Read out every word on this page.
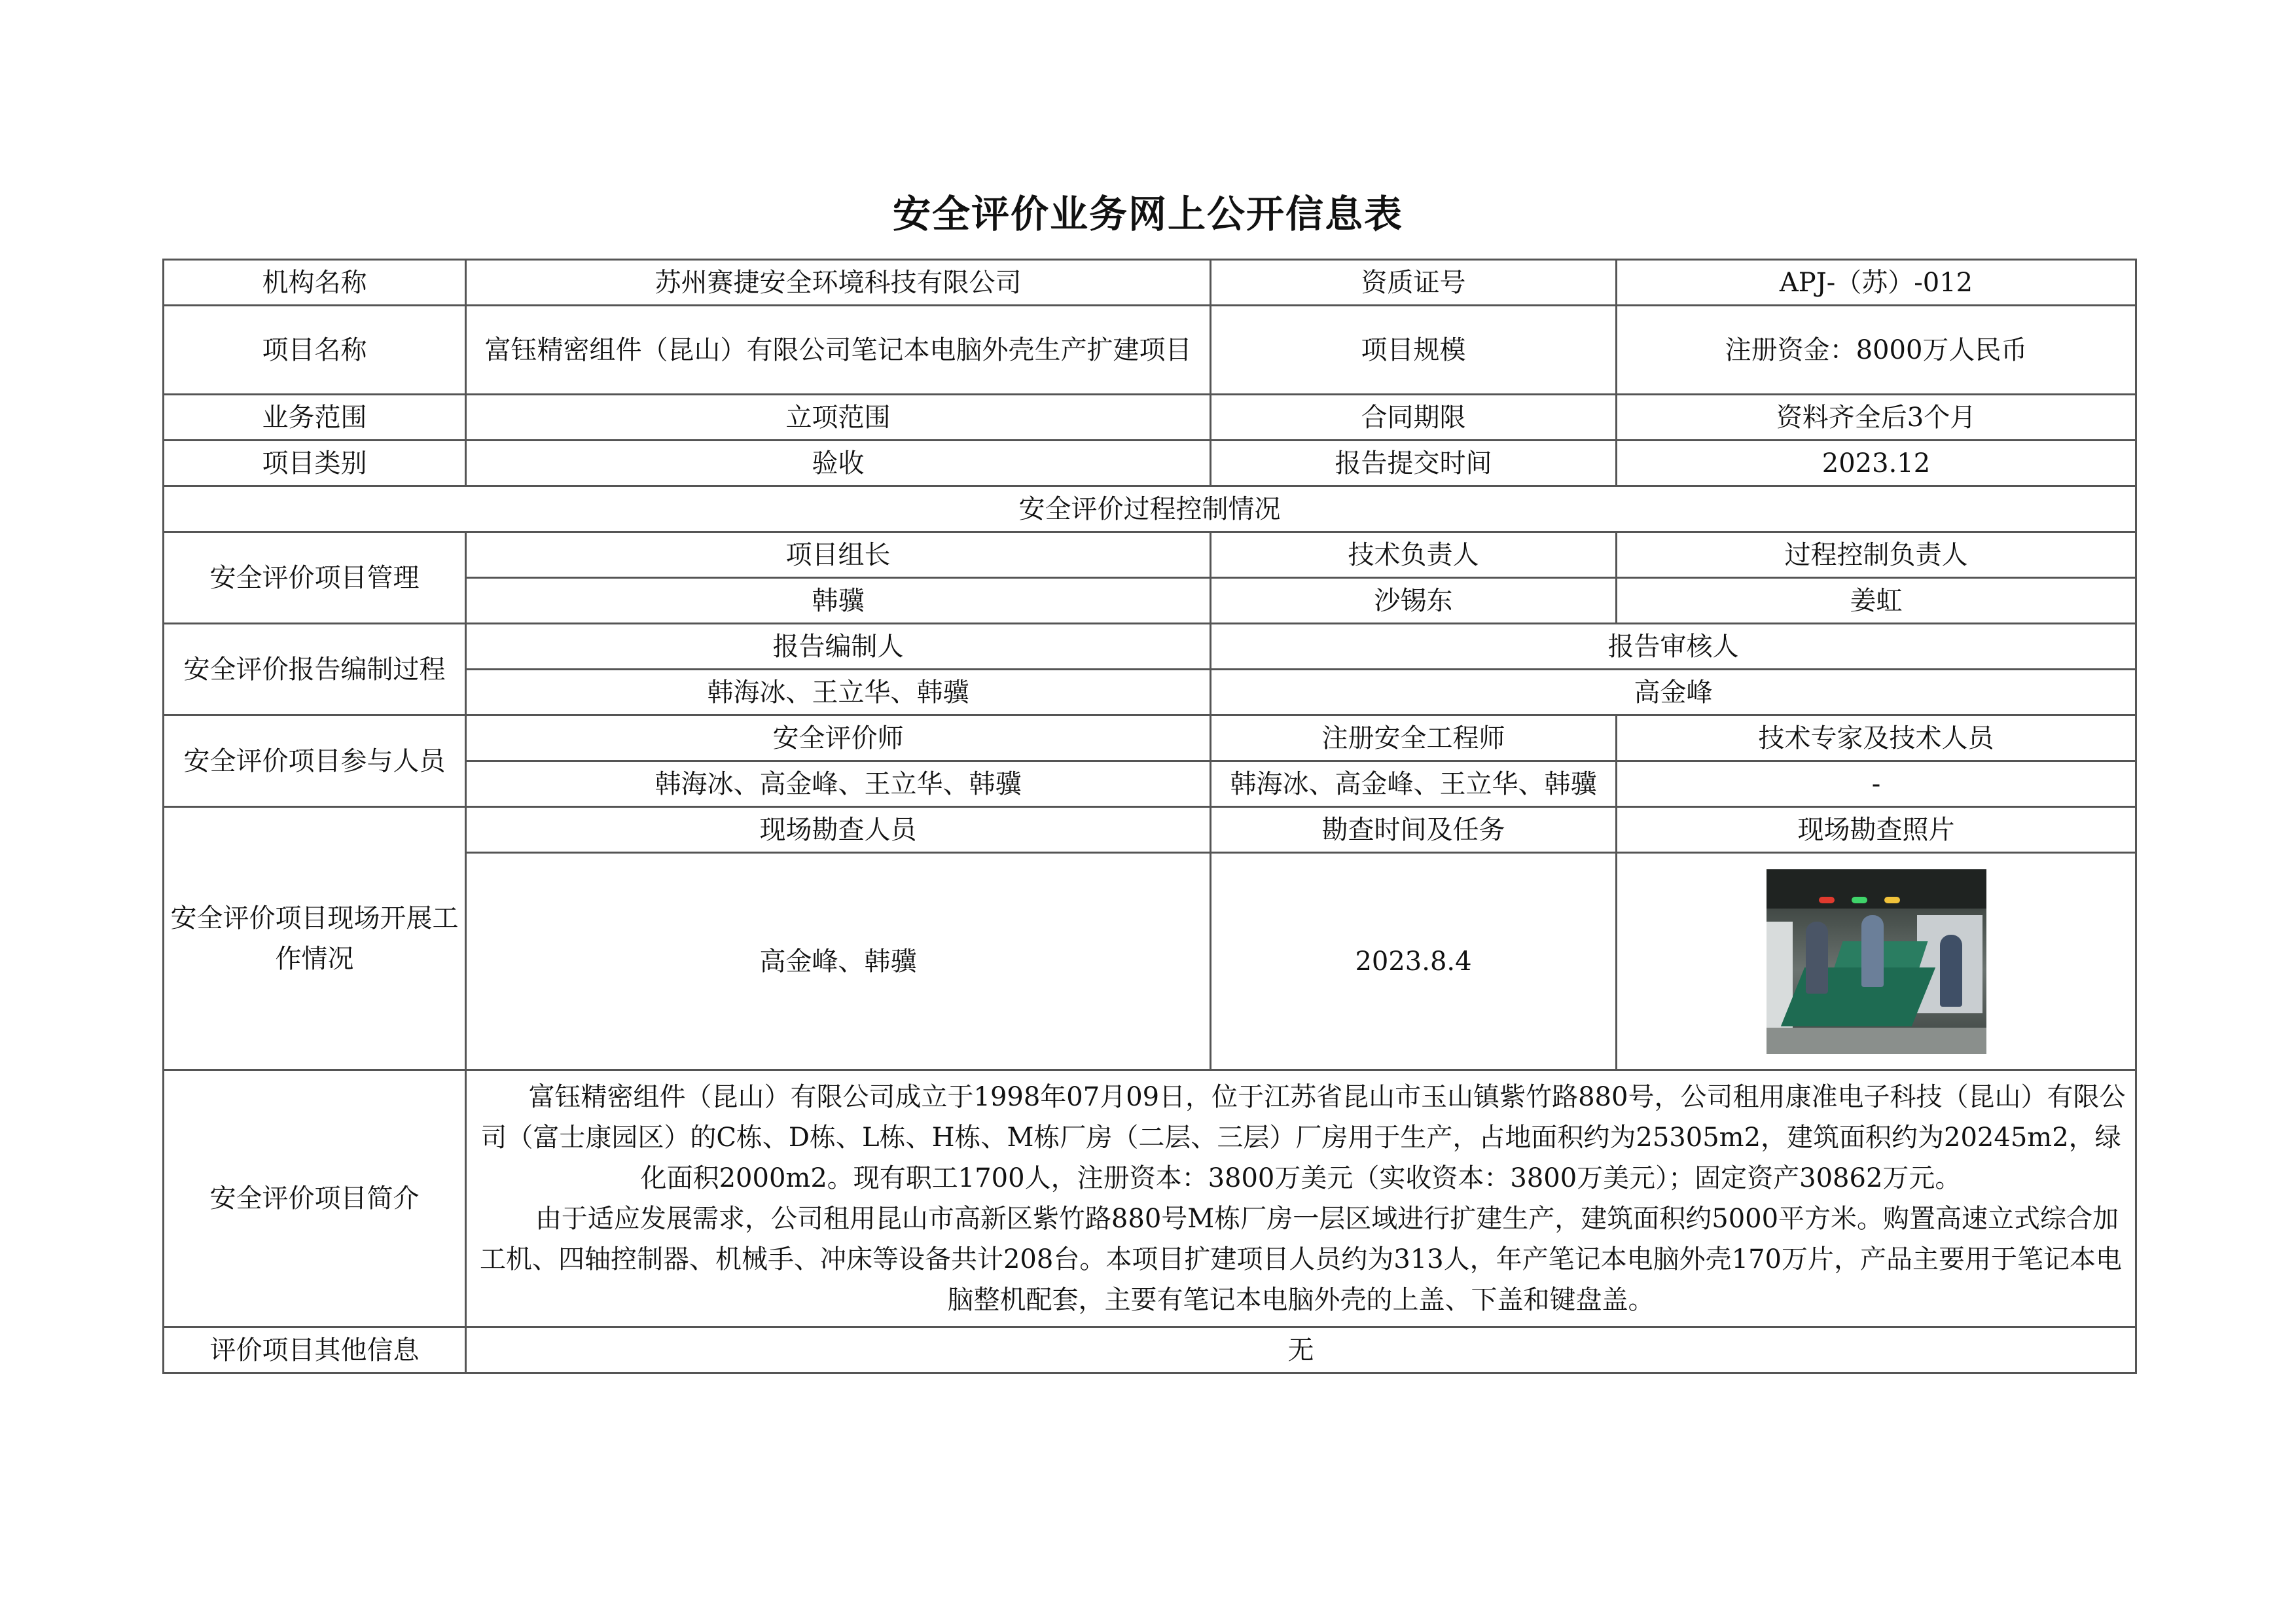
安全评价业务网上公开信息表
机构名称	苏州赛捷安全环境科技有限公司	资质证号	APJ-（苏）-012
项目名称	富钰精密组件（昆山）有限公司笔记本电脑外壳生产扩建项目	项目规模	注册资金：8000万人民币
业务范围	立项范围	合同期限	资料齐全后3个月
项目类别	验收	报告提交时间	2023.12
安全评价过程控制情况			
安全评价项目管理	项目组长	技术负责人	过程控制负责人
	韩骥	沙锡东	姜虹
安全评价报告编制过程	报告编制人	报告审核人	
	韩海冰、王立华、韩骥	高金峰	
安全评价项目参与人员	安全评价师	注册安全工程师	技术专家及技术人员
	韩海冰、高金峰、王立华、韩骥	韩海冰、高金峰、王立华、韩骥	-
安全评价项目现场开展工作情况	现场勘查人员	勘查时间及任务	现场勘查照片
	高金峰、韩骥	2023.8.4	

安全评价项目简介	富钰精密组件（昆山）有限公司成立于1998年07月09日，位于江苏省昆山市玉山镇紫竹路880号，公司租用康准电子科技（昆山）有限公司（富士康园区）的C栋、D栋、L栋、H栋、M栋厂房（二层、三层）厂房用于生产，占地面积约为25305m2，建筑面积约为20245m2，绿化面积2000m2。现有职工1700人，注册资本：3800万美元（实收资本：3800万美元）；固定资产30862万元。

由于适应发展需求，公司租用昆山市高新区紫竹路880号M栋厂房一层区域进行扩建生产，建筑面积约5000平方米。购置高速立式综合加工机、四轴控制器、机械手、冲床等设备共计208台。本项目扩建项目人员约为313人，年产笔记本电脑外壳170万片，产品主要用于笔记本电脑整机配套，主要有笔记本电脑外壳的上盖、下盖和键盘盖。		

评价项目其他信息	无		
